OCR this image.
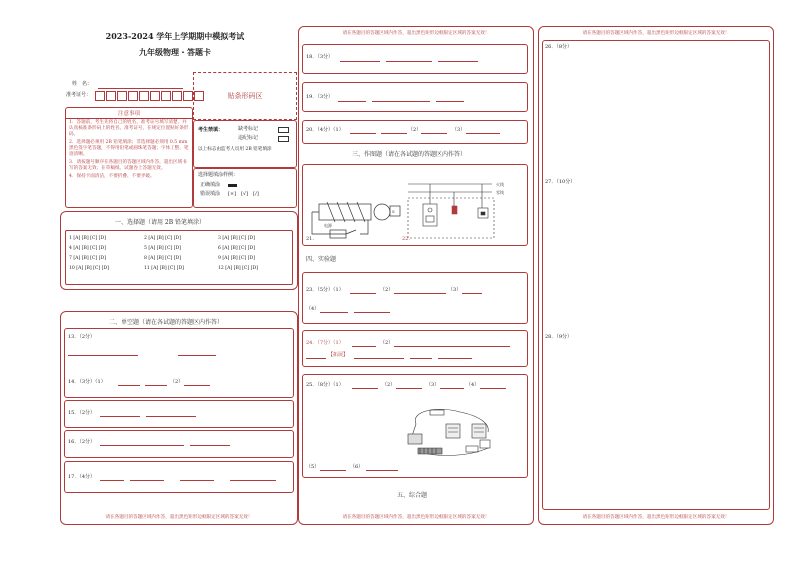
2023-2024 学年上学期期中模拟考试
九年级物理・答题卡
姓　名：
准考证号：	贴条形码区
注意事项
1．答题前，考生先将自己的姓名、准考证号填写清楚，并认真核准条形码上的姓名、准考证号，在规定位置贴好条形码。
2．选择题必须用 2B 铅笔填涂；非选择题必须用 0.5 mm 黑色签字笔答题，不得用铅笔或圆珠笔答题；字体工整、笔迹清晰。
3．请按题号顺序在各题目的答题区域内作答，超出区域书写的答案无效；在草稿纸、试题卷上答题无效。
4．保持卡面清洁，不要折叠、不要弄破。
考生禁填：	缺考标记
违纪标记
以上标志由监考人员用 2B 铅笔填涂
选择题填涂样例：
正确填涂
错误填涂 [×]　[√]　[/]
一、选择题（请用 2B 铅笔填涂）
1 [A] [B] [C] [D]	2 [A] [B] [C] [D]	3 [A] [B] [C] [D]
4 [A] [B] [C] [D]	5 [A] [B] [C] [D]	6 [A] [B] [C] [D]
7 [A] [B] [C] [D]	8 [A] [B] [C] [D]	9 [A] [B] [C] [D]
10 [A] [B] [C] [D]	11 [A] [B] [C] [D]	12 [A] [B] [C] [D]
二、单空题（请在各试题的答题区内作答）
请在各题目的答题区域内作答，超出黑色矩形边框限定区域的答案无效！
13．（2分）
14．（3分）（1）	（2）
15．（2分）
16．（2分）
17．（4分）
请在各题目的答题区域内作答，超出黑色矩形边框限定区域的答案无效！
请在各题目的答题区域内作答，超出黑色矩形边框限定区域的答案无效！
18．（3分）
19．（3分）
20．（4分）（1）	（2）	（3）
三、作图题（请在各试题的答题区内作答）
电源
S
火线
零线
21.	22.
四、实验题
23．（5分）（1）	（2）	（3）
（4）
24．（7分）（1）	（2）
【拓展】
25．（8分）（1）	（2）	（3）	（4）
（5）	（6）
五、综合题
请在各题目的答题区域内作答，超出黑色矩形边框限定区域的答案无效！
请在各题目的答题区域内作答，超出黑色矩形边框限定区域的答案无效！
26．（8分）
27．（10分）
28．（9分）
